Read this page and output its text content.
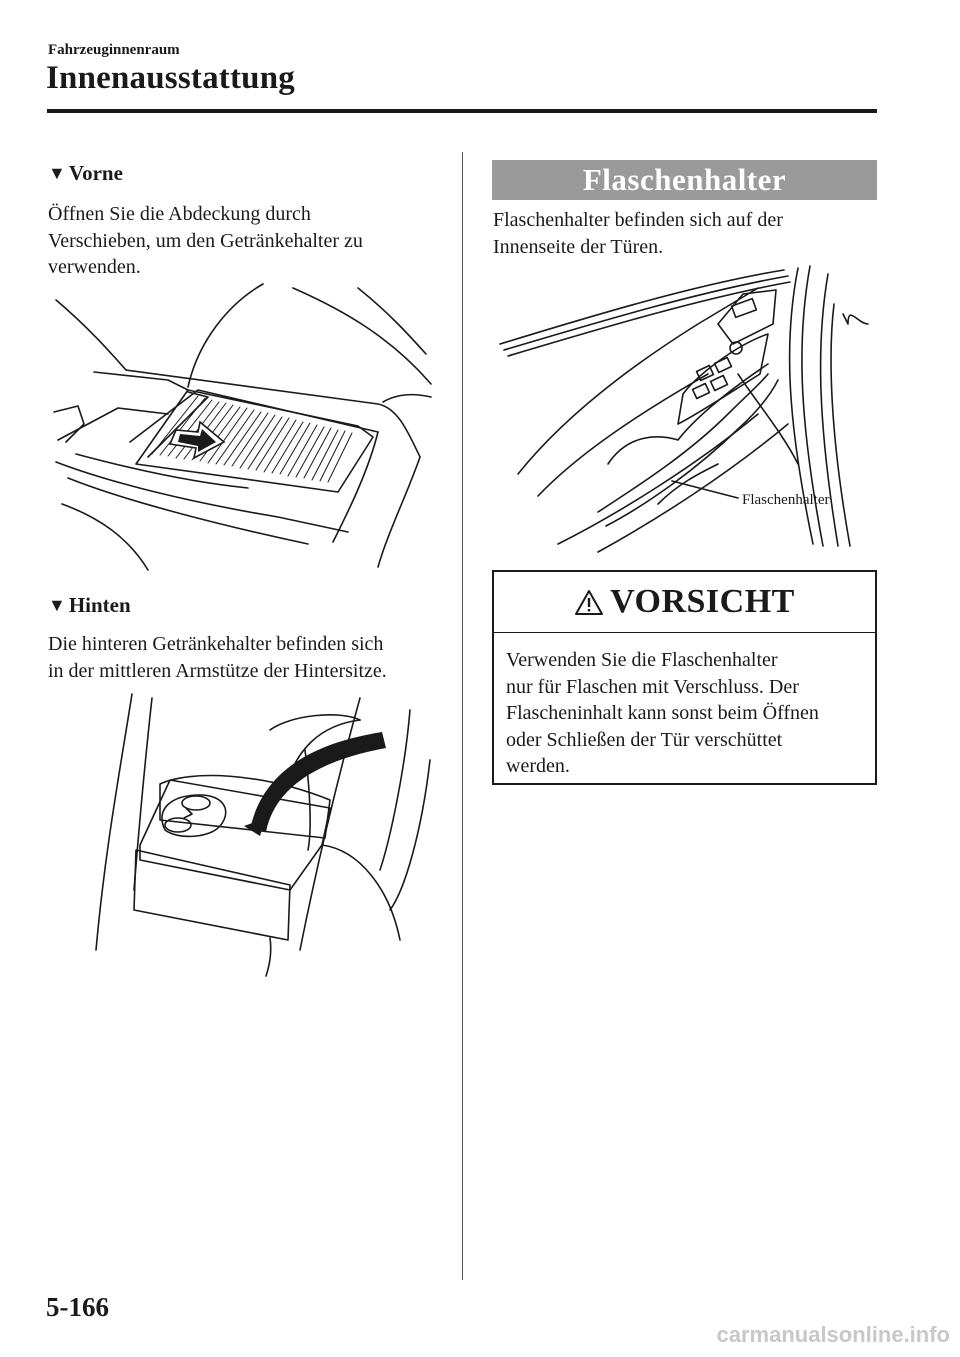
Fahrzeuginnenraum
Innenausstattung
▼ Vorne
Öffnen Sie die Abdeckung durch
Verschieben, um den Getränkehalter zu
verwenden.
▼ Hinten
Die hinteren Getränkehalter befinden sich
in der mittleren Armstütze der Hintersitze.
Flaschenhalter
Flaschenhalter befinden sich auf der
Innenseite der Türen.
Flaschenhalter
VORSICHT
Verwenden Sie die Flaschenhalter
nur für Flaschen mit Verschluss. Der
Flascheninhalt kann sonst beim Öffnen
oder Schließen der Tür verschüttet
werden.
5-166
carmanualsonline.info
